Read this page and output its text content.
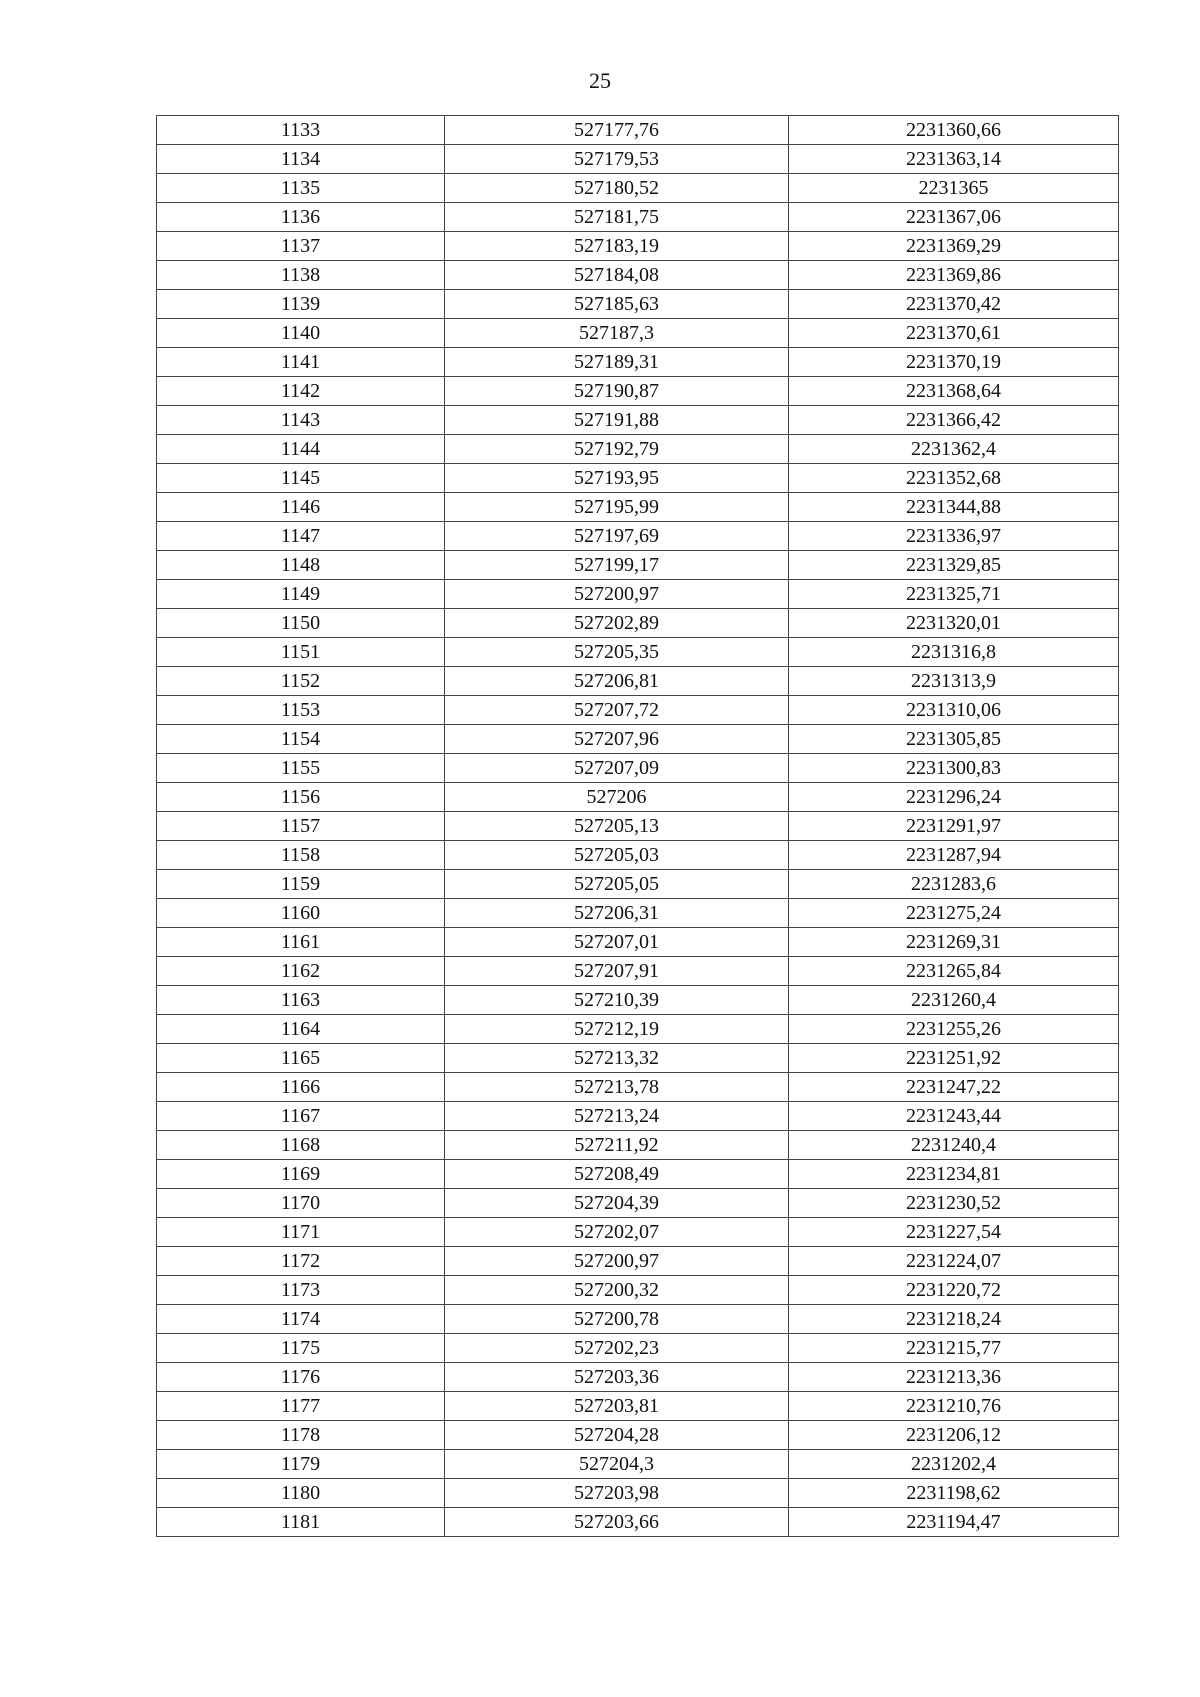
25
1133	527177,76	2231360,66
1134	527179,53	2231363,14
1135	527180,52	2231365
1136	527181,75	2231367,06
1137	527183,19	2231369,29
1138	527184,08	2231369,86
1139	527185,63	2231370,42
1140	527187,3	2231370,61
1141	527189,31	2231370,19
1142	527190,87	2231368,64
1143	527191,88	2231366,42
1144	527192,79	2231362,4
1145	527193,95	2231352,68
1146	527195,99	2231344,88
1147	527197,69	2231336,97
1148	527199,17	2231329,85
1149	527200,97	2231325,71
1150	527202,89	2231320,01
1151	527205,35	2231316,8
1152	527206,81	2231313,9
1153	527207,72	2231310,06
1154	527207,96	2231305,85
1155	527207,09	2231300,83
1156	527206	2231296,24
1157	527205,13	2231291,97
1158	527205,03	2231287,94
1159	527205,05	2231283,6
1160	527206,31	2231275,24
1161	527207,01	2231269,31
1162	527207,91	2231265,84
1163	527210,39	2231260,4
1164	527212,19	2231255,26
1165	527213,32	2231251,92
1166	527213,78	2231247,22
1167	527213,24	2231243,44
1168	527211,92	2231240,4
1169	527208,49	2231234,81
1170	527204,39	2231230,52
1171	527202,07	2231227,54
1172	527200,97	2231224,07
1173	527200,32	2231220,72
1174	527200,78	2231218,24
1175	527202,23	2231215,77
1176	527203,36	2231213,36
1177	527203,81	2231210,76
1178	527204,28	2231206,12
1179	527204,3	2231202,4
1180	527203,98	2231198,62
1181	527203,66	2231194,47
